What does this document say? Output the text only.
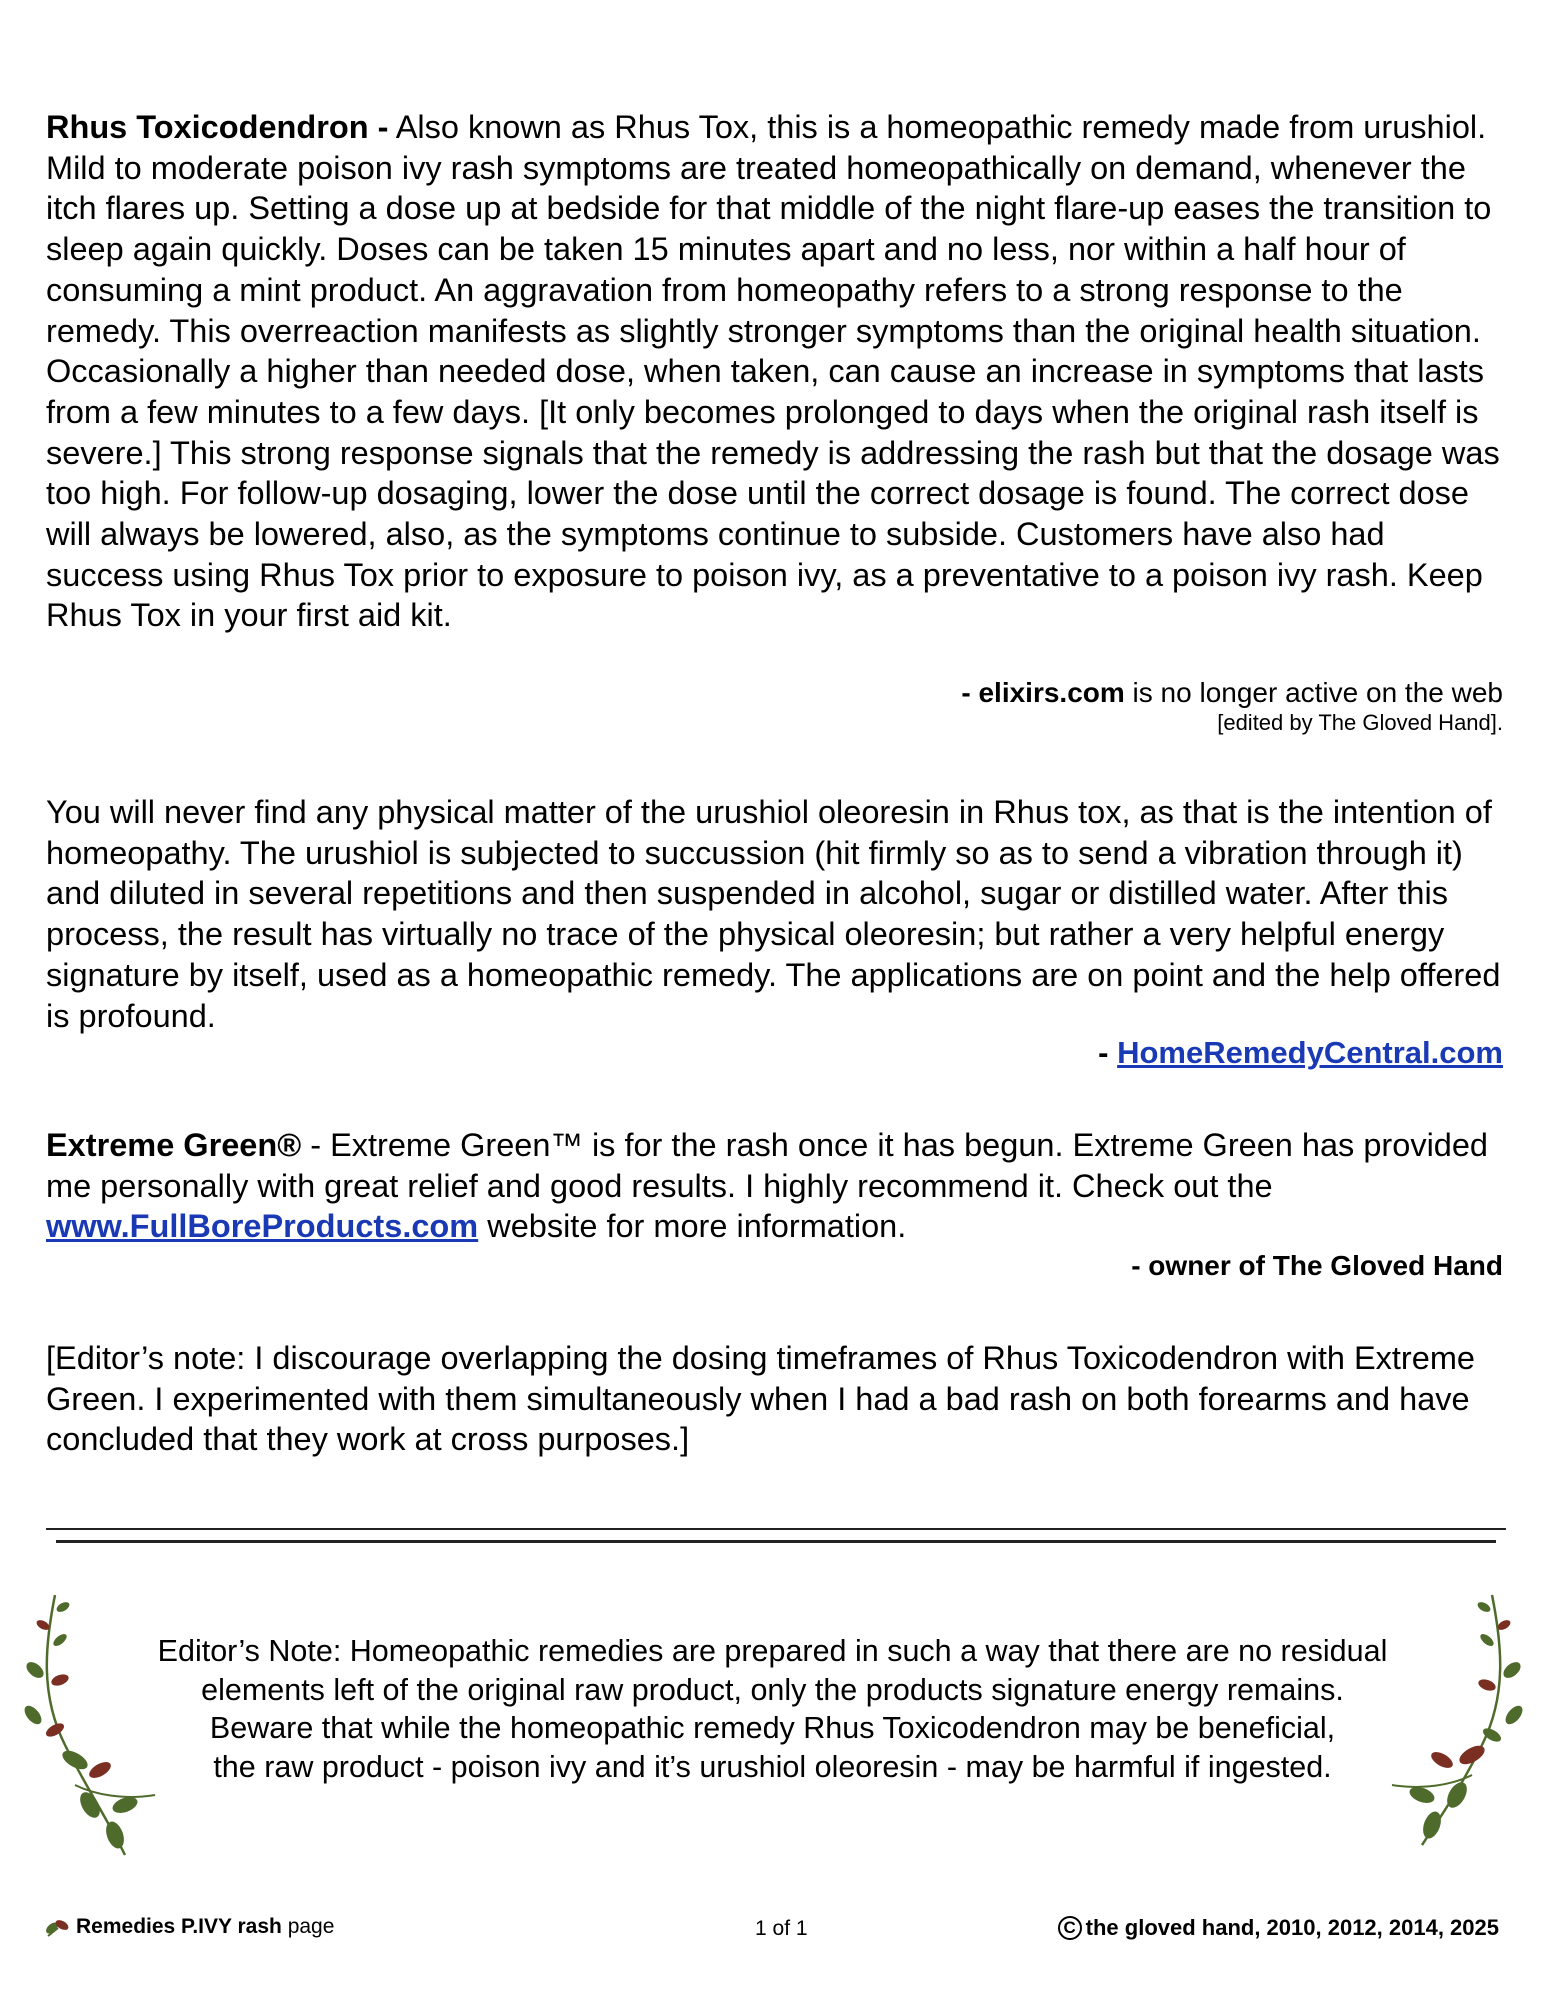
Rhus Toxicodendron - Also known as Rhus Tox, this is a homeopathic remedy made from urushiol. Mild to moderate poison ivy rash symptoms are treated homeopathically on demand, whenever the itch flares up. Setting a dose up at bedside for that middle of the night flare-up eases the transition to sleep again quickly. Doses can be taken 15 minutes apart and no less, nor within a half hour of consuming a mint product. An aggravation from homeopathy refers to a strong response to the remedy. This overreaction manifests as slightly stronger symptoms than the original health situation. Occasionally a higher than needed dose, when taken, can cause an increase in symptoms that lasts from a few minutes to a few days. [It only becomes prolonged to days when the original rash itself is severe.] This strong response signals that the remedy is addressing the rash but that the dosage was too high. For follow-up dosaging, lower the dose until the correct dosage is found. The correct dose will always be lowered, also, as the symptoms continue to subside. Customers have also had success using Rhus Tox prior to exposure to poison ivy, as a preventative to a poison ivy rash. Keep Rhus Tox in your first aid kit.

- elixirs.com is no longer active on the web

[edited by The Gloved Hand].

You will never find any physical matter of the urushiol oleoresin in Rhus tox, as that is the intention of homeopathy. The urushiol is subjected to succussion (hit firmly so as to send a vibration through it) and diluted in several repetitions and then suspended in alcohol, sugar or distilled water. After this process, the result has virtually no trace of the physical oleoresin; but rather a very helpful energy signature by itself, used as a homeopathic remedy. The applications are on point and the help offered is profound.

- HomeRemedyCentral.com

Extreme Green® - Extreme Green™ is for the rash once it has begun. Extreme Green has provided me personally with great relief and good results. I highly recommend it. Check out the www.FullBoreProducts.com website for more information.

- owner of The Gloved Hand

[Editor’s note: I discourage overlapping the dosing timeframes of Rhus Toxicodendron with Extreme Green. I experimented with them simultaneously when I had a bad rash on both forearms and have concluded that they work at cross purposes.]

Editor’s Note: Homeopathic remedies are prepared in such a way that there are no residual
elements left of the original raw product, only the products signature energy remains.
Beware that while the homeopathic remedy Rhus Toxicodendron may be beneficial,
the raw product - poison ivy and it’s urushiol oleoresin - may be harmful if ingested.
Remedies P.IVY rash page	1 of 1	C the gloved hand, 2010, 2012, 2014, 2025
